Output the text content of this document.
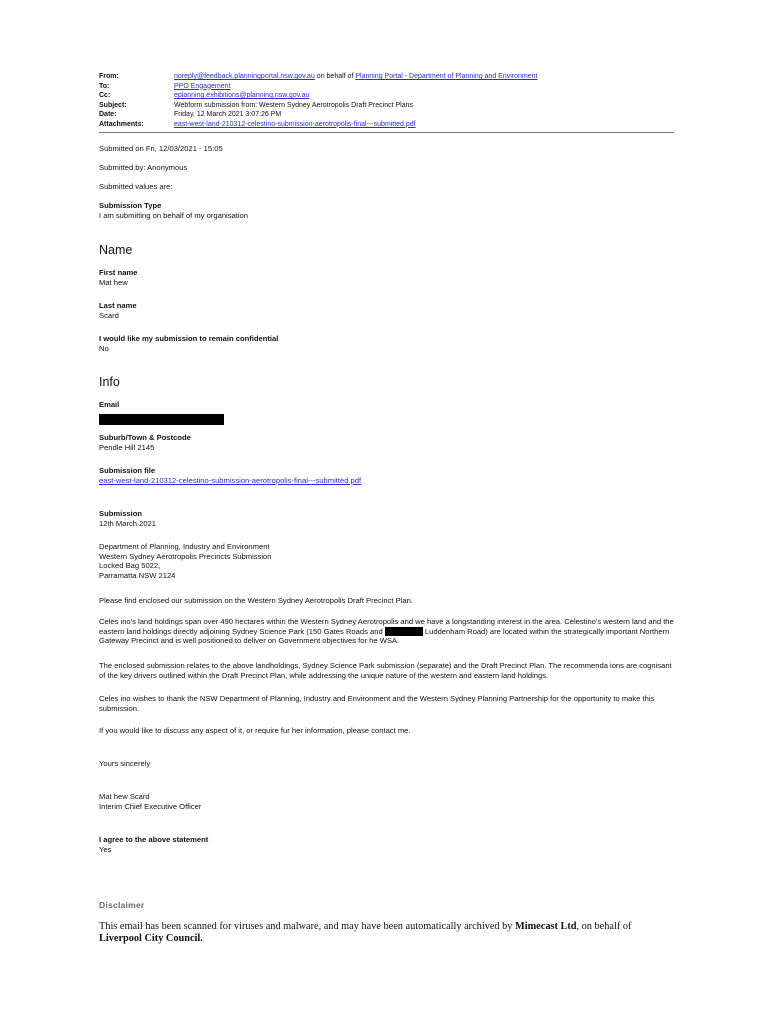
From:	noreply@feedback.planningportal.nsw.gov.au on behalf of Planning Portal - Department of Planning and Environment
To:	PPO Engagement
Cc:	eplanning.exhibitions@planning.nsw.gov.au
Subject:	Webform submission from: Western Sydney Aerotropolis Draft Precinct Plans
Date:	Friday, 12 March 2021 3:07:26 PM
Attachments:	east-west-land-210312-celestino-submission-aerotropolis-final---submitted.pdf

Submitted on Fri, 12/03/2021 - 15:05

Submitted by: Anonymous

Submitted values are:

Submission Type

I am submitting on behalf of my organisation

Name

First name

Mat hew

Last name

Scard

I would like my submission to remain confidential

No

Info

Email

Suburb/Town & Postcode

Pendle Hill 2145

Submission file

east-west-land-210312-celestino-submission-aerotropolis-final---submitted.pdf

Submission

12th March 2021

Department of Planning, Industry and Environment

Western Sydney Aerotropolis Precincts Submission

Locked Bag 5022,

Parramatta NSW 2124

Please find enclosed our submission on the Western Sydney Aerotropolis Draft Precinct Plan.

Celes ino's land holdings span over 490 hectares within the Western Sydney Aerotropolis and we have a longstanding interest in the area. Celestino's western land and the eastern land holdings directly adjoining Sydney Science Park (150 Gates Roads and	Luddenham Road) are located within the strategically important Northern Gateway Precinct and is well positioned to deliver on Government objectives for he WSA.

The enclosed submission relates to the above landholdings, Sydney Science Park submission (separate) and the Draft Precinct Plan. The recommenda ions are cognisant of the key drivers outlined within the Draft Precinct Plan, while addressing the unique nature of the western and eastern land holdings.

Celes ino wishes to thank the NSW Department of Planning, Industry and Environment and the Western Sydney Planning Partnership for the opportunity to make this submission.

If you would like to discuss any aspect of it, or require fur her information, please contact me.

Yours sincerely

Mat hew Scard

Interim Chief Executive Officer

I agree to the above statement

Yes

Disclaimer

This email has been scanned for viruses and malware, and may have been automatically archived by Mimecast Ltd, on behalf of Liverpool City Council.
